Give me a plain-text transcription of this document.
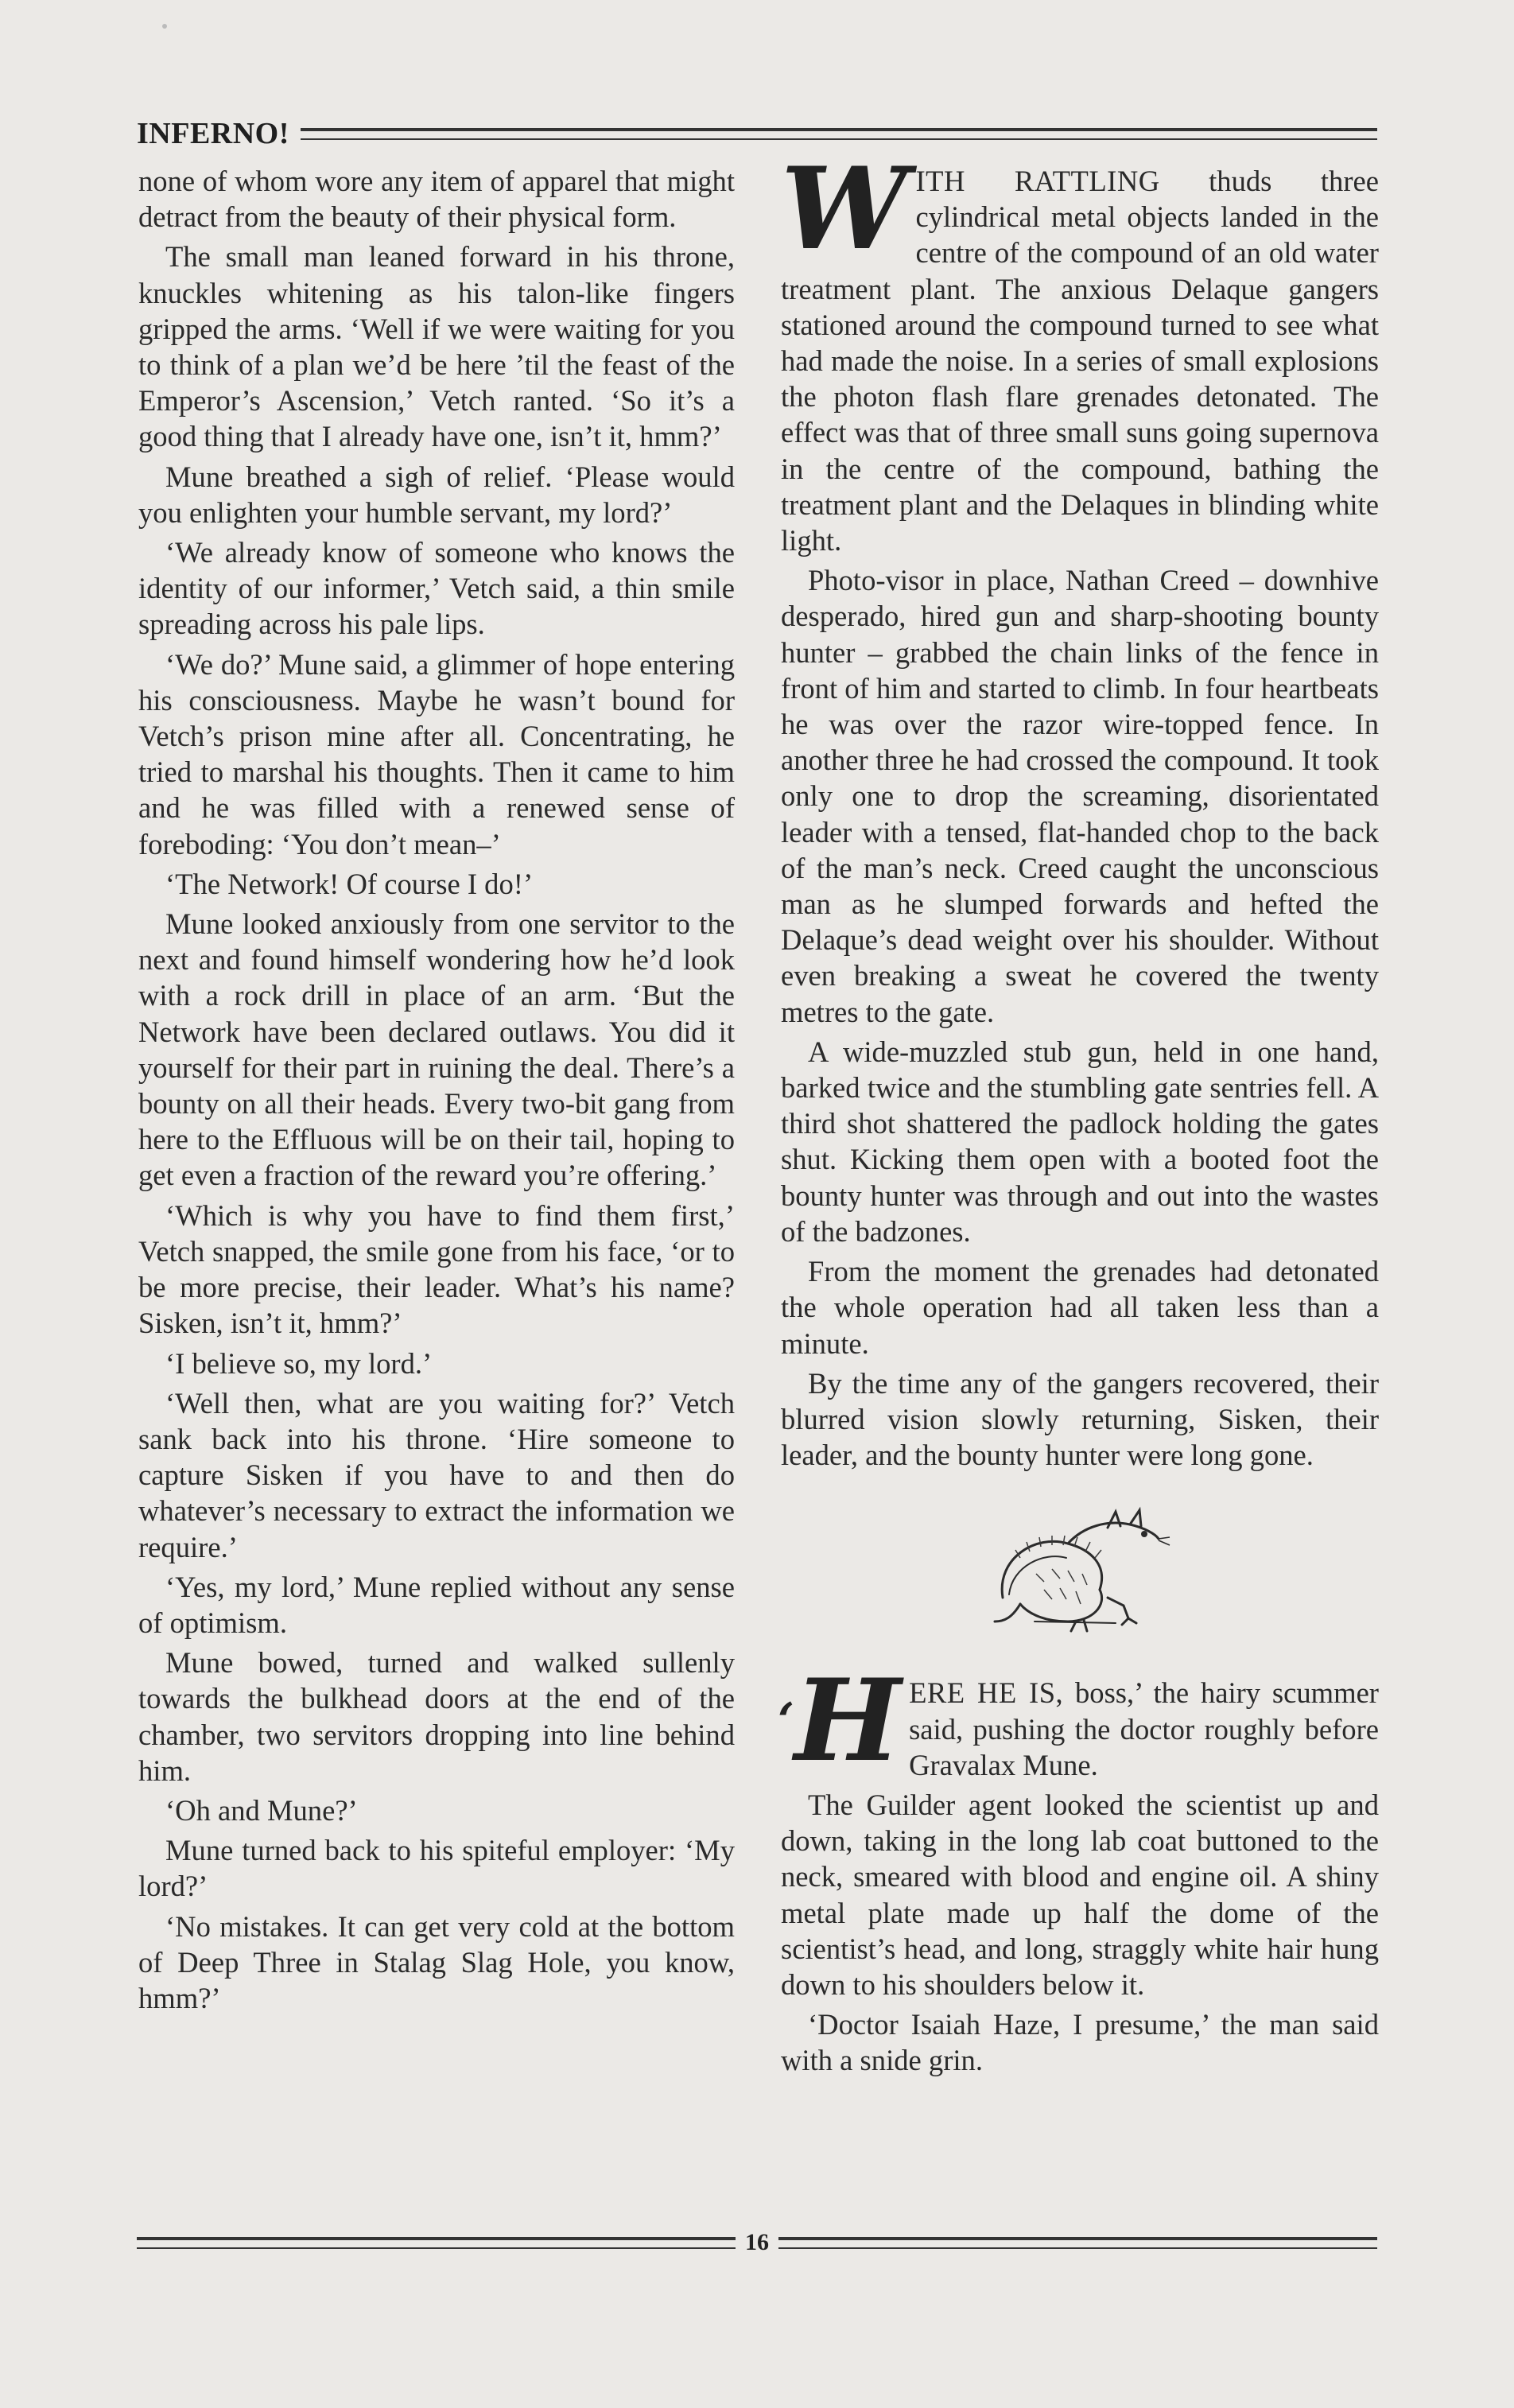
INFERNO!

none of whom wore any item of apparel that might detract from the beauty of their physical form.

The small man leaned forward in his throne, knuckles whitening as his talon-like fingers gripped the arms. ‘Well if we were waiting for you to think of a plan we’d be here ’til the feast of the Emperor’s Ascension,’ Vetch ranted. ‘So it’s a good thing that I already have one, isn’t it, hmm?’

Mune breathed a sigh of relief. ‘Please would you enlighten your humble servant, my lord?’

‘We already know of someone who knows the identity of our informer,’ Vetch said, a thin smile spreading across his pale lips.

‘We do?’ Mune said, a glimmer of hope entering his consciousness. Maybe he wasn’t bound for Vetch’s prison mine after all. Concentrating, he tried to marshal his thoughts. Then it came to him and he was filled with a renewed sense of foreboding: ‘You don’t mean–’

‘The Network! Of course I do!’

Mune looked anxiously from one servitor to the next and found himself wondering how he’d look with a rock drill in place of an arm. ‘But the Network have been declared outlaws. You did it yourself for their part in ruining the deal. There’s a bounty on all their heads. Every two-bit gang from here to the Effluous will be on their tail, hoping to get even a fraction of the reward you’re offering.’

‘Which is why you have to find them first,’ Vetch snapped, the smile gone from his face, ‘or to be more precise, their leader. What’s his name? Sisken, isn’t it, hmm?’

‘I believe so, my lord.’

‘Well then, what are you waiting for?’ Vetch sank back into his throne. ‘Hire someone to capture Sisken if you have to and then do whatever’s necessary to extract the information we require.’

‘Yes, my lord,’ Mune replied without any sense of optimism.

Mune bowed, turned and walked sullenly towards the bulkhead doors at the end of the chamber, two servitors dropping into line behind him.

‘Oh and Mune?’

Mune turned back to his spiteful employer: ‘My lord?’

‘No mistakes. It can get very cold at the bottom of Deep Three in Stalag Slag Hole, you know, hmm?’

WITH RATTLING thuds three cylindrical metal objects landed in the centre of the compound of an old water treatment plant. The anxious Delaque gangers stationed around the compound turned to see what had made the noise. In a series of small explosions the photon flash flare grenades detonated. The effect was that of three small suns going supernova in the centre of the compound, bathing the treatment plant and the Delaques in blinding white light.

Photo-visor in place, Nathan Creed – downhive desperado, hired gun and sharp-shooting bounty hunter – grabbed the chain links of the fence in front of him and started to climb. In four heartbeats he was over the razor wire-topped fence. In another three he had crossed the compound. It took only one to drop the screaming, disorientated leader with a tensed, flat-handed chop to the back of the man’s neck. Creed caught the unconscious man as he slumped forwards and hefted the Delaque’s dead weight over his shoulder. Without even breaking a sweat he covered the twenty metres to the gate.

A wide-muzzled stub gun, held in one hand, barked twice and the stumbling gate sentries fell. A third shot shattered the padlock holding the gates shut. Kicking them open with a booted foot the bounty hunter was through and out into the wastes of the badzones.

From the moment the grenades had detonated the whole operation had all taken less than a minute.

By the time any of the gangers recovered, their blurred vision slowly returning, Sisken, their leader, and the bounty hunter were long gone.

‘H ERE HE IS, boss,’ the hairy scummer said, pushing the doctor roughly before Gravalax Mune.

The Guilder agent looked the scientist up and down, taking in the long lab coat buttoned to the neck, smeared with blood and engine oil. A shiny metal plate made up half the dome of the scientist’s head, and long, straggly white hair hung down to his shoulders below it.

‘Doctor Isaiah Haze, I presume,’ the man said with a snide grin.

16
